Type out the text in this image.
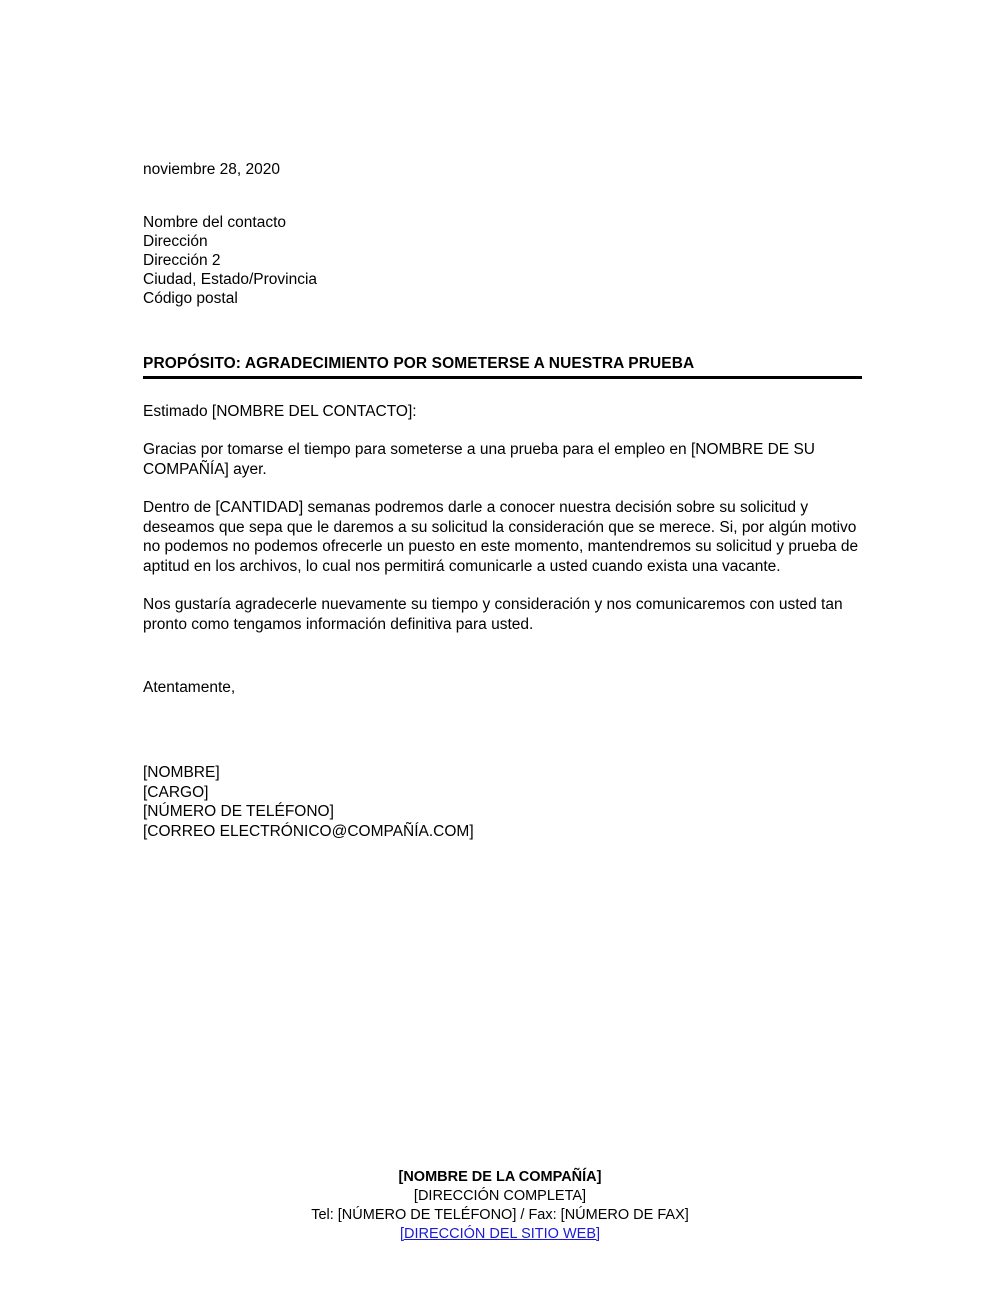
noviembre 28, 2020
Nombre del contacto
Dirección
Dirección 2
Ciudad, Estado/Provincia
Código postal
PROPÓSITO: AGRADECIMIENTO POR SOMETERSE A NUESTRA PRUEBA
Estimado [NOMBRE DEL CONTACTO]:

Gracias por tomarse el tiempo para someterse a una prueba para el empleo en [NOMBRE DE SU COMPAÑÍA] ayer.

Dentro de [CANTIDAD] semanas podremos darle a conocer nuestra decisión sobre su solicitud y deseamos que sepa que le daremos a su solicitud la consideración que se merece. Si, por algún motivo no podemos no podemos ofrecerle un puesto en este momento, mantendremos su solicitud y prueba de aptitud en los archivos, lo cual nos permitirá comunicarle a usted cuando exista una vacante.

Nos gustaría agradecerle nuevamente su tiempo y consideración y nos comunicaremos con usted tan pronto como tengamos información definitiva para usted.

Atentamente,
[NOMBRE]
[CARGO]
[NÚMERO DE TELÉFONO]
[CORREO ELECTRÓNICO@COMPAÑÍA.COM]
[NOMBRE DE LA COMPAÑÍA]
[DIRECCIÓN COMPLETA]
Tel: [NÚMERO DE TELÉFONO] / Fax: [NÚMERO DE FAX]
[DIRECCIÓN DEL SITIO WEB]
